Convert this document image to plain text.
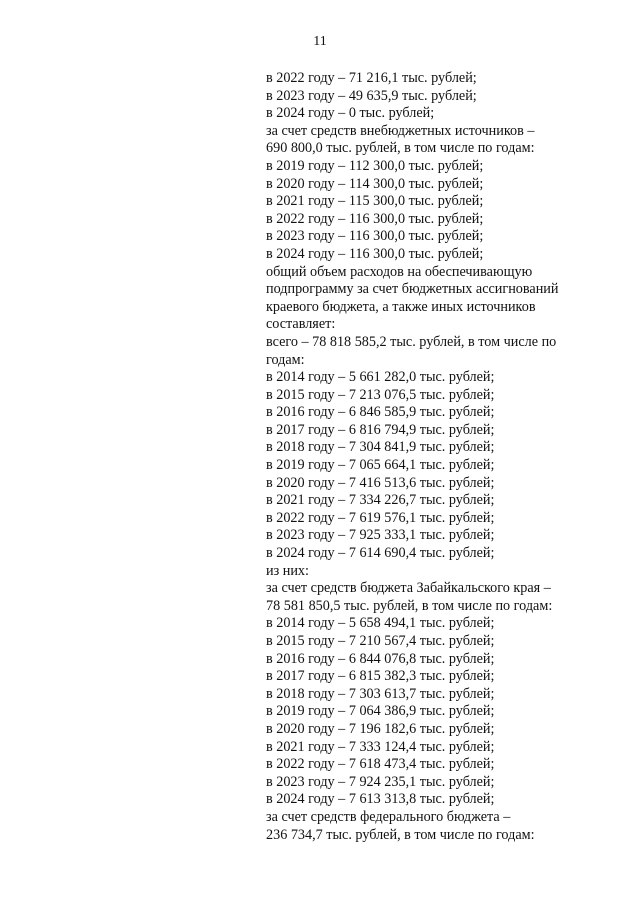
11
в 2022 году – 71 216,1 тыс. рублей;
в 2023 году – 49 635,9 тыс. рублей;
в 2024 году – 0 тыс. рублей;
за счет средств внебюджетных источников –
690 800,0 тыс. рублей, в том числе по годам:
в 2019 году – 112 300,0 тыс. рублей;
в 2020 году – 114 300,0 тыс. рублей;
в 2021 году – 115 300,0 тыс. рублей;
в 2022 году – 116 300,0 тыс. рублей;
в 2023 году – 116 300,0 тыс. рублей;
в 2024 году – 116 300,0 тыс. рублей;
общий объем расходов на обеспечивающую
подпрограмму за счет бюджетных ассигнований
краевого бюджета, а также иных источников
составляет:
всего – 78 818 585,2 тыс. рублей, в том числе по
годам:
в 2014 году – 5 661 282,0 тыс. рублей;
в 2015 году – 7 213 076,5 тыс. рублей;
в 2016 году – 6 846 585,9 тыс. рублей;
в 2017 году – 6 816 794,9 тыс. рублей;
в 2018 году – 7 304 841,9 тыс. рублей;
в 2019 году – 7 065 664,1 тыс. рублей;
в 2020 году – 7 416 513,6 тыс. рублей;
в 2021 году – 7 334 226,7 тыс. рублей;
в 2022 году – 7 619 576,1 тыс. рублей;
в 2023 году – 7 925 333,1 тыс. рублей;
в 2024 году – 7 614 690,4 тыс. рублей;
из них:
за счет средств бюджета Забайкальского края –
78 581 850,5 тыс. рублей, в том числе по годам:
в 2014 году – 5 658 494,1 тыс. рублей;
в 2015 году – 7 210 567,4 тыс. рублей;
в 2016 году – 6 844 076,8 тыс. рублей;
в 2017 году – 6 815 382,3 тыс. рублей;
в 2018 году – 7 303 613,7 тыс. рублей;
в 2019 году – 7 064 386,9 тыс. рублей;
в 2020 году – 7 196 182,6 тыс. рублей;
в 2021 году – 7 333 124,4 тыс. рублей;
в 2022 году – 7 618 473,4 тыс. рублей;
в 2023 году – 7 924 235,1 тыс. рублей;
в 2024 году – 7 613 313,8 тыс. рублей;
за счет средств федерального бюджета –
236 734,7 тыс. рублей, в том числе по годам:
